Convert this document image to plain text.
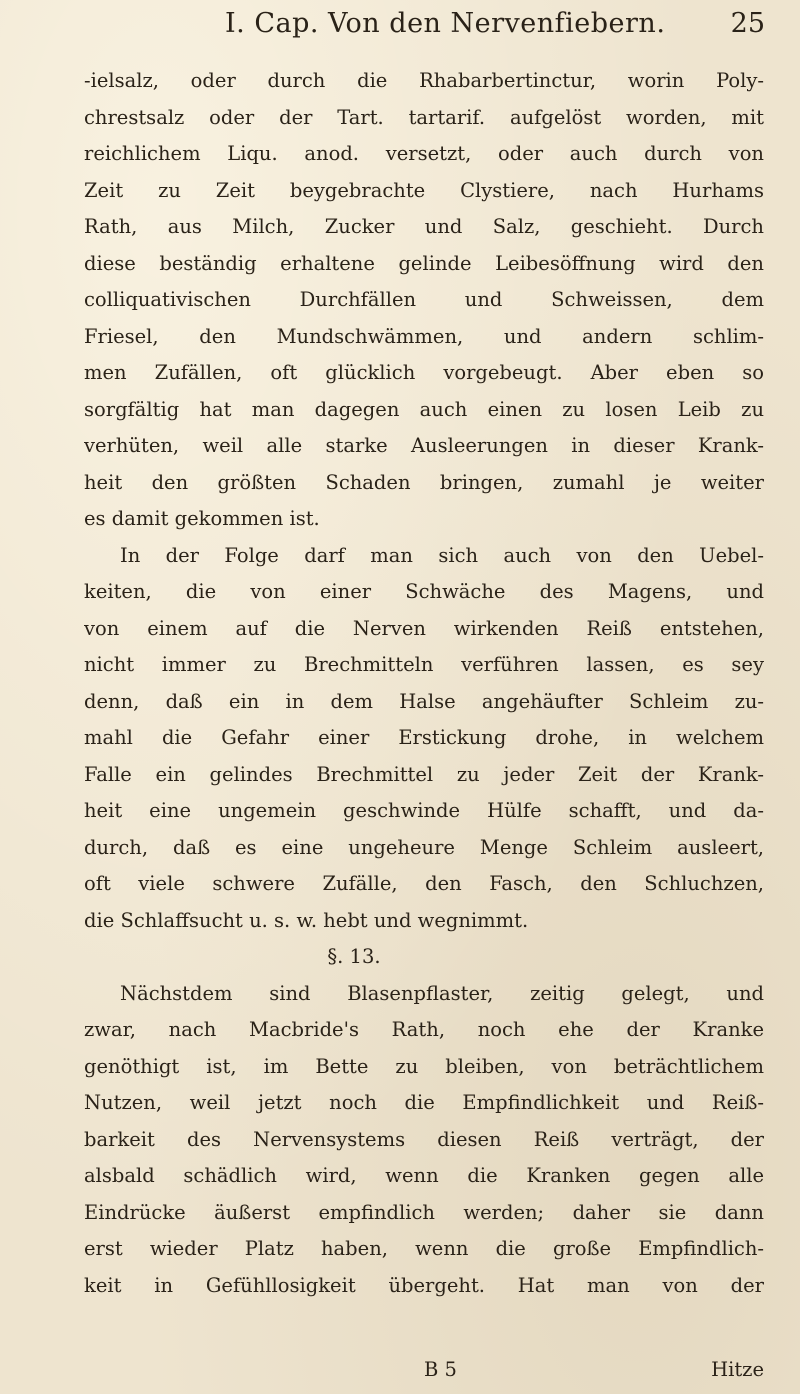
I. Cap. Von den Nervenfiebern. 25
-ielsalz, oder durch die Rhabarbertinctur, worin Poly-
chrestsalz oder der Tart. tartarif. aufgelöst worden, mit
reichlichem Liqu. anod. versetzt, oder auch durch von
Zeit zu Zeit beygebrachte Clystiere, nach Hurhams
Rath, aus Milch, Zucker und Salz, geschieht. Durch
diese beständig erhaltene gelinde Leibesöffnung wird den
colliquativischen Durchfällen und Schweissen, dem
Friesel, den Mundschwämmen, und andern schlim-
men Zufällen, oft glücklich vorgebeugt. Aber eben so
sorgfältig hat man dagegen auch einen zu losen Leib zu
verhüten, weil alle starke Ausleerungen in dieser Krank-
heit den größten Schaden bringen, zumahl je weiter
es damit gekommen ist.
In der Folge darf man sich auch von den Uebel-
keiten, die von einer Schwäche des Magens, und
von einem auf die Nerven wirkenden Reiß entstehen,
nicht immer zu Brechmitteln verführen lassen, es sey
denn, daß ein in dem Halse angehäufter Schleim zu-
mahl die Gefahr einer Erstickung drohe, in welchem
Falle ein gelindes Brechmittel zu jeder Zeit der Krank-
heit eine ungemein geschwinde Hülfe schafft, und da-
durch, daß es eine ungeheure Menge Schleim ausleert,
oft viele schwere Zufälle, den Fasch, den Schluchzen,
die Schlaffsucht u. s. w. hebt und wegnimmt.
§. 13.
Nächstdem sind Blasenpflaster, zeitig gelegt, und
zwar, nach Macbride's Rath, noch ehe der Kranke
genöthigt ist, im Bette zu bleiben, von beträchtlichem
Nutzen, weil jetzt noch die Empfindlichkeit und Reiß-
barkeit des Nervensystems diesen Reiß verträgt, der
alsbald schädlich wird, wenn die Kranken gegen alle
Eindrücke äußerst empfindlich werden; daher sie dann
erst wieder Platz haben, wenn die große Empfindlich-
keit in Gefühllosigkeit übergeht. Hat man von der
B 5	Hitze
